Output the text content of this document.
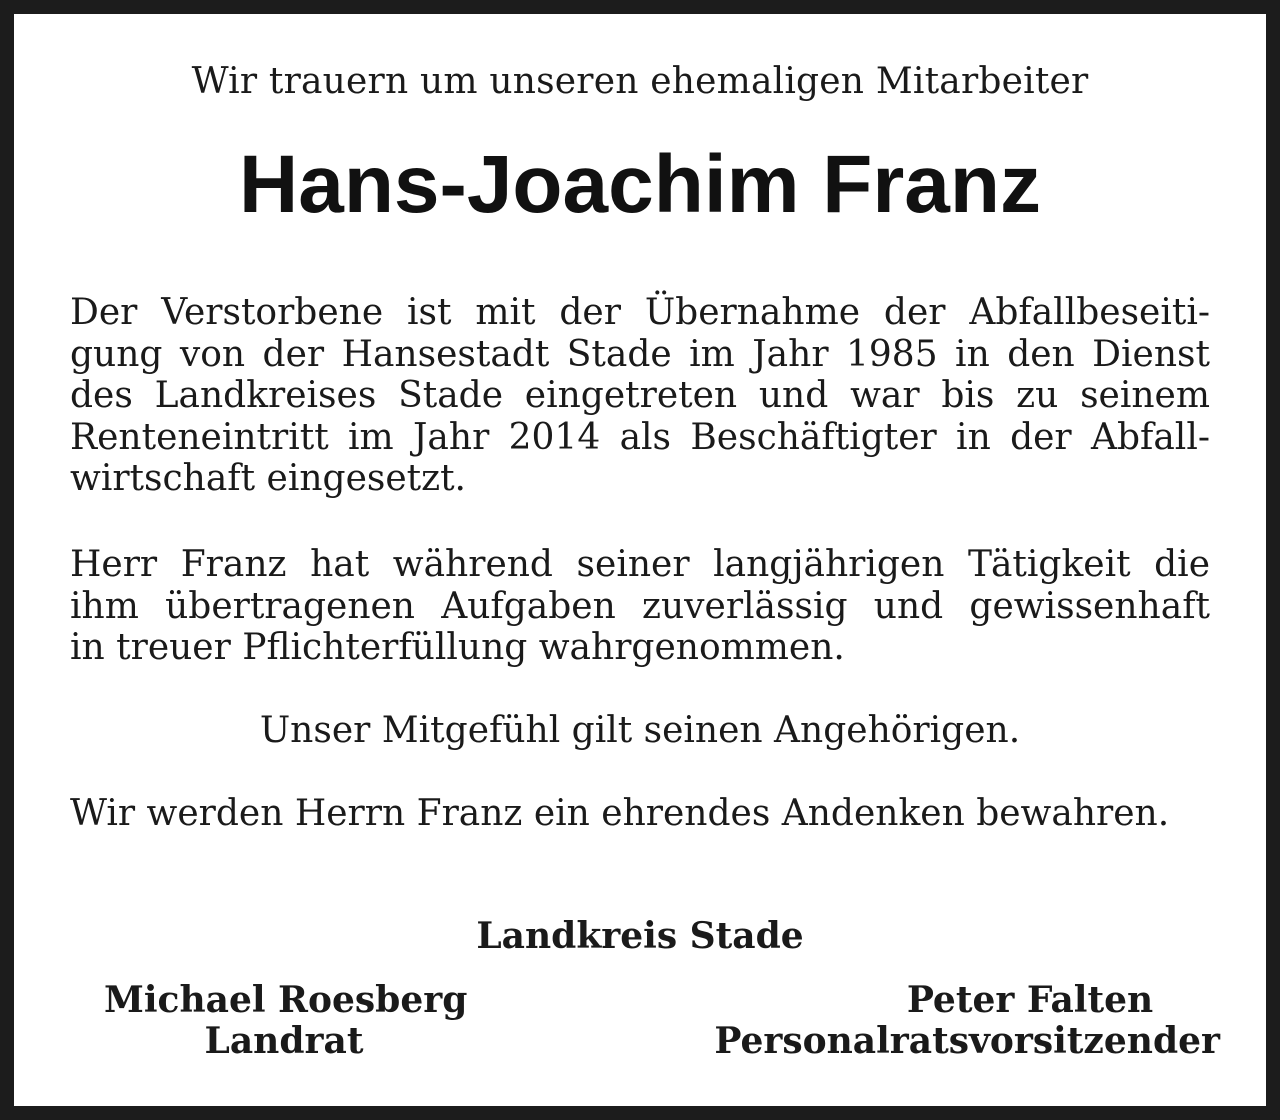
Wir trauern um unseren ehemaligen Mitarbeiter
Hans-Joachim Franz
Der Verstorbene ist mit der Übernahme der Abfallbeseiti-
gung von der Hansestadt Stade im Jahr 1985 in den Dienst
des Landkreises Stade eingetreten und war bis zu seinem
Renteneintritt im Jahr 2014 als Beschäftigter in der Abfall-
wirtschaft eingesetzt.
Herr Franz hat während seiner langjährigen Tätigkeit die
ihm übertragenen Aufgaben zuverlässig und gewissenhaft
in treuer Pflichterfüllung wahrgenommen.
Unser Mitgefühl gilt seinen Angehörigen.
Wir werden Herrn Franz ein ehrendes Andenken bewahren.
Landkreis Stade
Michael Roesberg
Landrat
Peter Falten
Personalratsvorsitzender
